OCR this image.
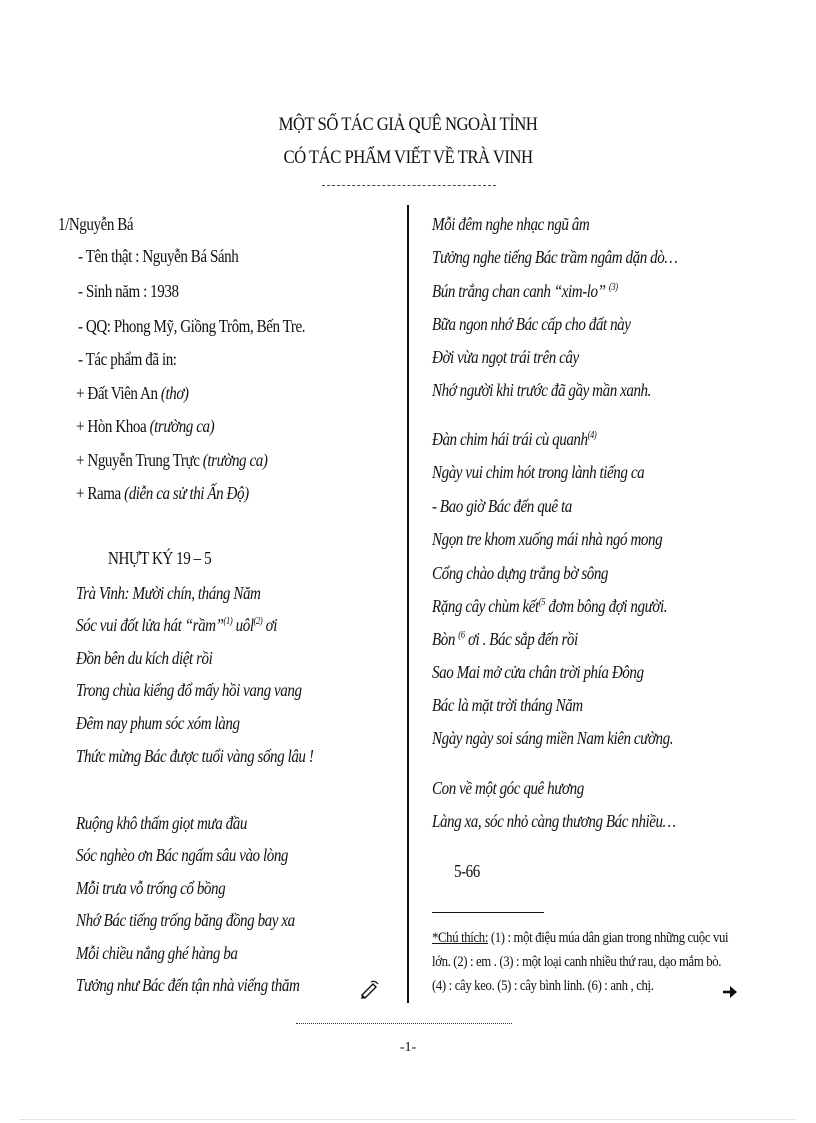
MỘT SỐ TÁC GIẢ QUÊ NGOÀI TỈNH
CÓ TÁC PHẨM VIẾT VỀ TRÀ VINH
1/Nguyễn Bá
- Tên thật : Nguyễn Bá Sánh
- Sinh năm : 1938
- QQ: Phong Mỹ, Giồng Trôm, Bến Tre.
- Tác phẩm đã in:
+ Đất Viên An (thơ)
+ Hòn Khoa (trường ca)
+ Nguyễn Trung Trực (trường ca)
+ Rama (diễn ca sử thi Ấn Độ)
NHỰT KÝ 19 – 5
Trà Vinh: Mười chín, tháng Năm
Sóc vui đốt lửa hát “rầm”$^{(1)}$ uôl$^{(2)}$ ơi
Đồn bên du kích diệt rồi
Trong chùa kiểng đổ mấy hồi vang vang
Đêm nay phum sóc xóm làng
Thức mừng Bác được tuổi vàng sống lâu !
Ruộng khô thấm giọt mưa đầu
Sóc nghèo ơn Bác ngấm sâu vào lòng
Mỗi trưa vỗ trống cổ bồng
Nhớ Bác tiếng trống băng đồng bay xa
Mỗi chiều nắng ghé hàng ba
Tưởng như Bác đến tận nhà viếng thăm
Mỗi đêm nghe nhạc ngũ âm
Tưởng nghe tiếng Bác trầm ngâm dặn dò…
Bún trắng chan canh “xim-lo” $^{(3)}$
Bữa ngon nhớ Bác cấp cho đất này
Đời vừa ngọt trái trên cây
Nhớ người khi trước đã gầy mần xanh.
Đàn chim hái trái cù quanh$^{(4)}$
Ngày vui chim hót trong lành tiếng ca
- Bao giờ Bác đến quê ta
Ngọn tre khom xuống mái nhà ngó mong
Cổng chào dựng trắng bờ sông
Rặng cây chùm kết$^{(5}$ đơm bông đợi người.
Bòn $^{(6}$ ơi . Bác sắp đến rồi
Sao Mai mở cửa chân trời phía Đông
Bác là mặt trời tháng Năm
Ngày ngày soi sáng miền Nam kiên cường.
Con về một góc quê hương
Làng xa, sóc nhỏ càng thương Bác nhiều…
5-66
*Chú thích: (1) : một điệu múa dân gian trong những cuộc vui
lớn. (2) : em . (3) : một loại canh nhiều thứ rau, dạo mắm bò.
(4) : cây keo. (5) : cây bình linh. (6) : anh , chị.
-1-
